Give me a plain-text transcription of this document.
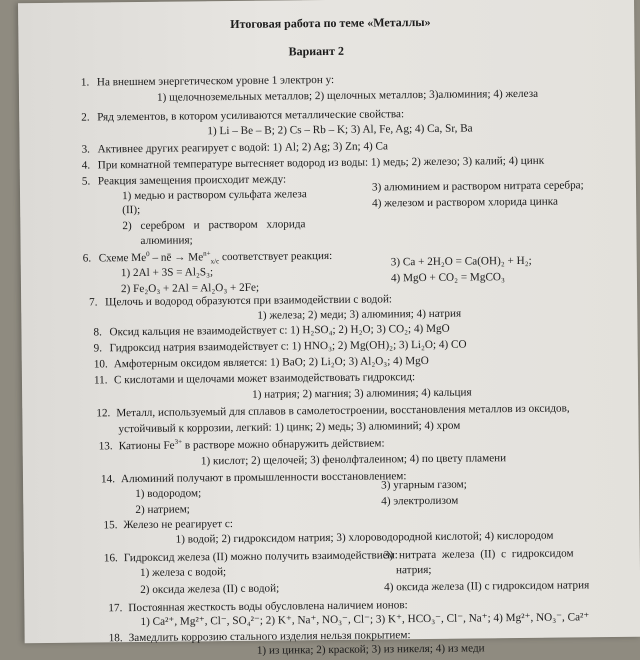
Итоговая работа по теме «Металлы»
Вариант 2
1. На внешнем энергетическом уровне 1 электрон у:
1) щелочноземельных металлов; 2) щелочных металлов; 3)алюминия; 4) железа
2. Ряд элементов, в котором усиливаются металлические свойства:
1) Li – Be – B; 2) Cs – Rb – K; 3) Al, Fe, Ag; 4) Ca, Sr, Ba
3. Активнее других реагирует с водой: 1) Al; 2) Ag; 3) Zn; 4) Ca
4. При комнатной температуре вытесняет водород из воды: 1) медь; 2) железо; 3) калий; 4) цинк
5. Реакция замещения происходит между:
1) медью и раствором сульфата железа
(II);
2) серебром и раствором хлорида
алюминия;
3) алюминием и раствором нитрата серебра;
4) железом и раствором хлорида цинка
6. Схеме Me$^0$ – nē → $Me^{n+}_{x/c}$ соответствует реакция:
1) 2Al + 3S = Al₂S₃;
2) Fe₂O₃ + 2Al = Al₂O₃ + 2Fe;
3) Ca + 2H₂O = Ca(OH)₂ + H₂;
4) MgO + CO₂ = MgCO₃
7. Щелочь и водород образуются при взаимодействии с водой:
1) железа; 2) меди; 3) алюминия; 4) натрия
8. Оксид кальция не взаимодействует с: 1) H₂SO₄; 2) H₂O; 3) CO₂; 4) MgO
9. Гидроксид натрия взаимодействует с: 1) HNO₃; 2) Mg(OH)₂; 3) Li₂O; 4) CO
10. Амфотерным оксидом является: 1) BaO; 2) Li₂O; 3) Al₂O₃; 4) MgO
11. С кислотами и щелочами может взаимодействовать гидроксид:
1) натрия; 2) магния; 3) алюминия; 4) кальция
12. Металл, используемый для сплавов в самолетостроении, восстановления металлов из оксидов,
устойчивый к коррозии, легкий: 1) цинк; 2) медь; 3) алюминий; 4) хром
13. Катионы $Fe^{3+}$ в растворе можно обнаружить действием:
1) кислот; 2) щелочей; 3) фенолфталеином; 4) по цвету пламени
14. Алюминий получают в промышленности восстановлением:
1) водородом;
2) натрием;
3) угарным газом;
4) электролизом
15. Железо не реагирует с:
1) водой; 2) гидроксидом натрия; 3) хлороводородной кислотой; 4) кислородом
16. Гидроксид железа (II) можно получить взаимодействием:
1) железа с водой;
2) оксида железа (II) с водой;
3) нитрата железа (II) с гидроксидом
натрия;
4) оксида железа (II) с гидроксидом натрия
17. Постоянная жесткость воды обусловлена наличием ионов:
1) Ca²⁺, Mg²⁺, Cl⁻, SO₄²⁻; 2) K⁺, Na⁺, NO₃⁻, Cl⁻; 3) K⁺, HCO₃⁻, Cl⁻, Na⁺; 4) Mg²⁺, NO₃⁻, Ca²⁺
18. Замедлить коррозию стального изделия нельзя покрытием:
1) из цинка; 2) краской; 3) из никеля; 4) из меди
